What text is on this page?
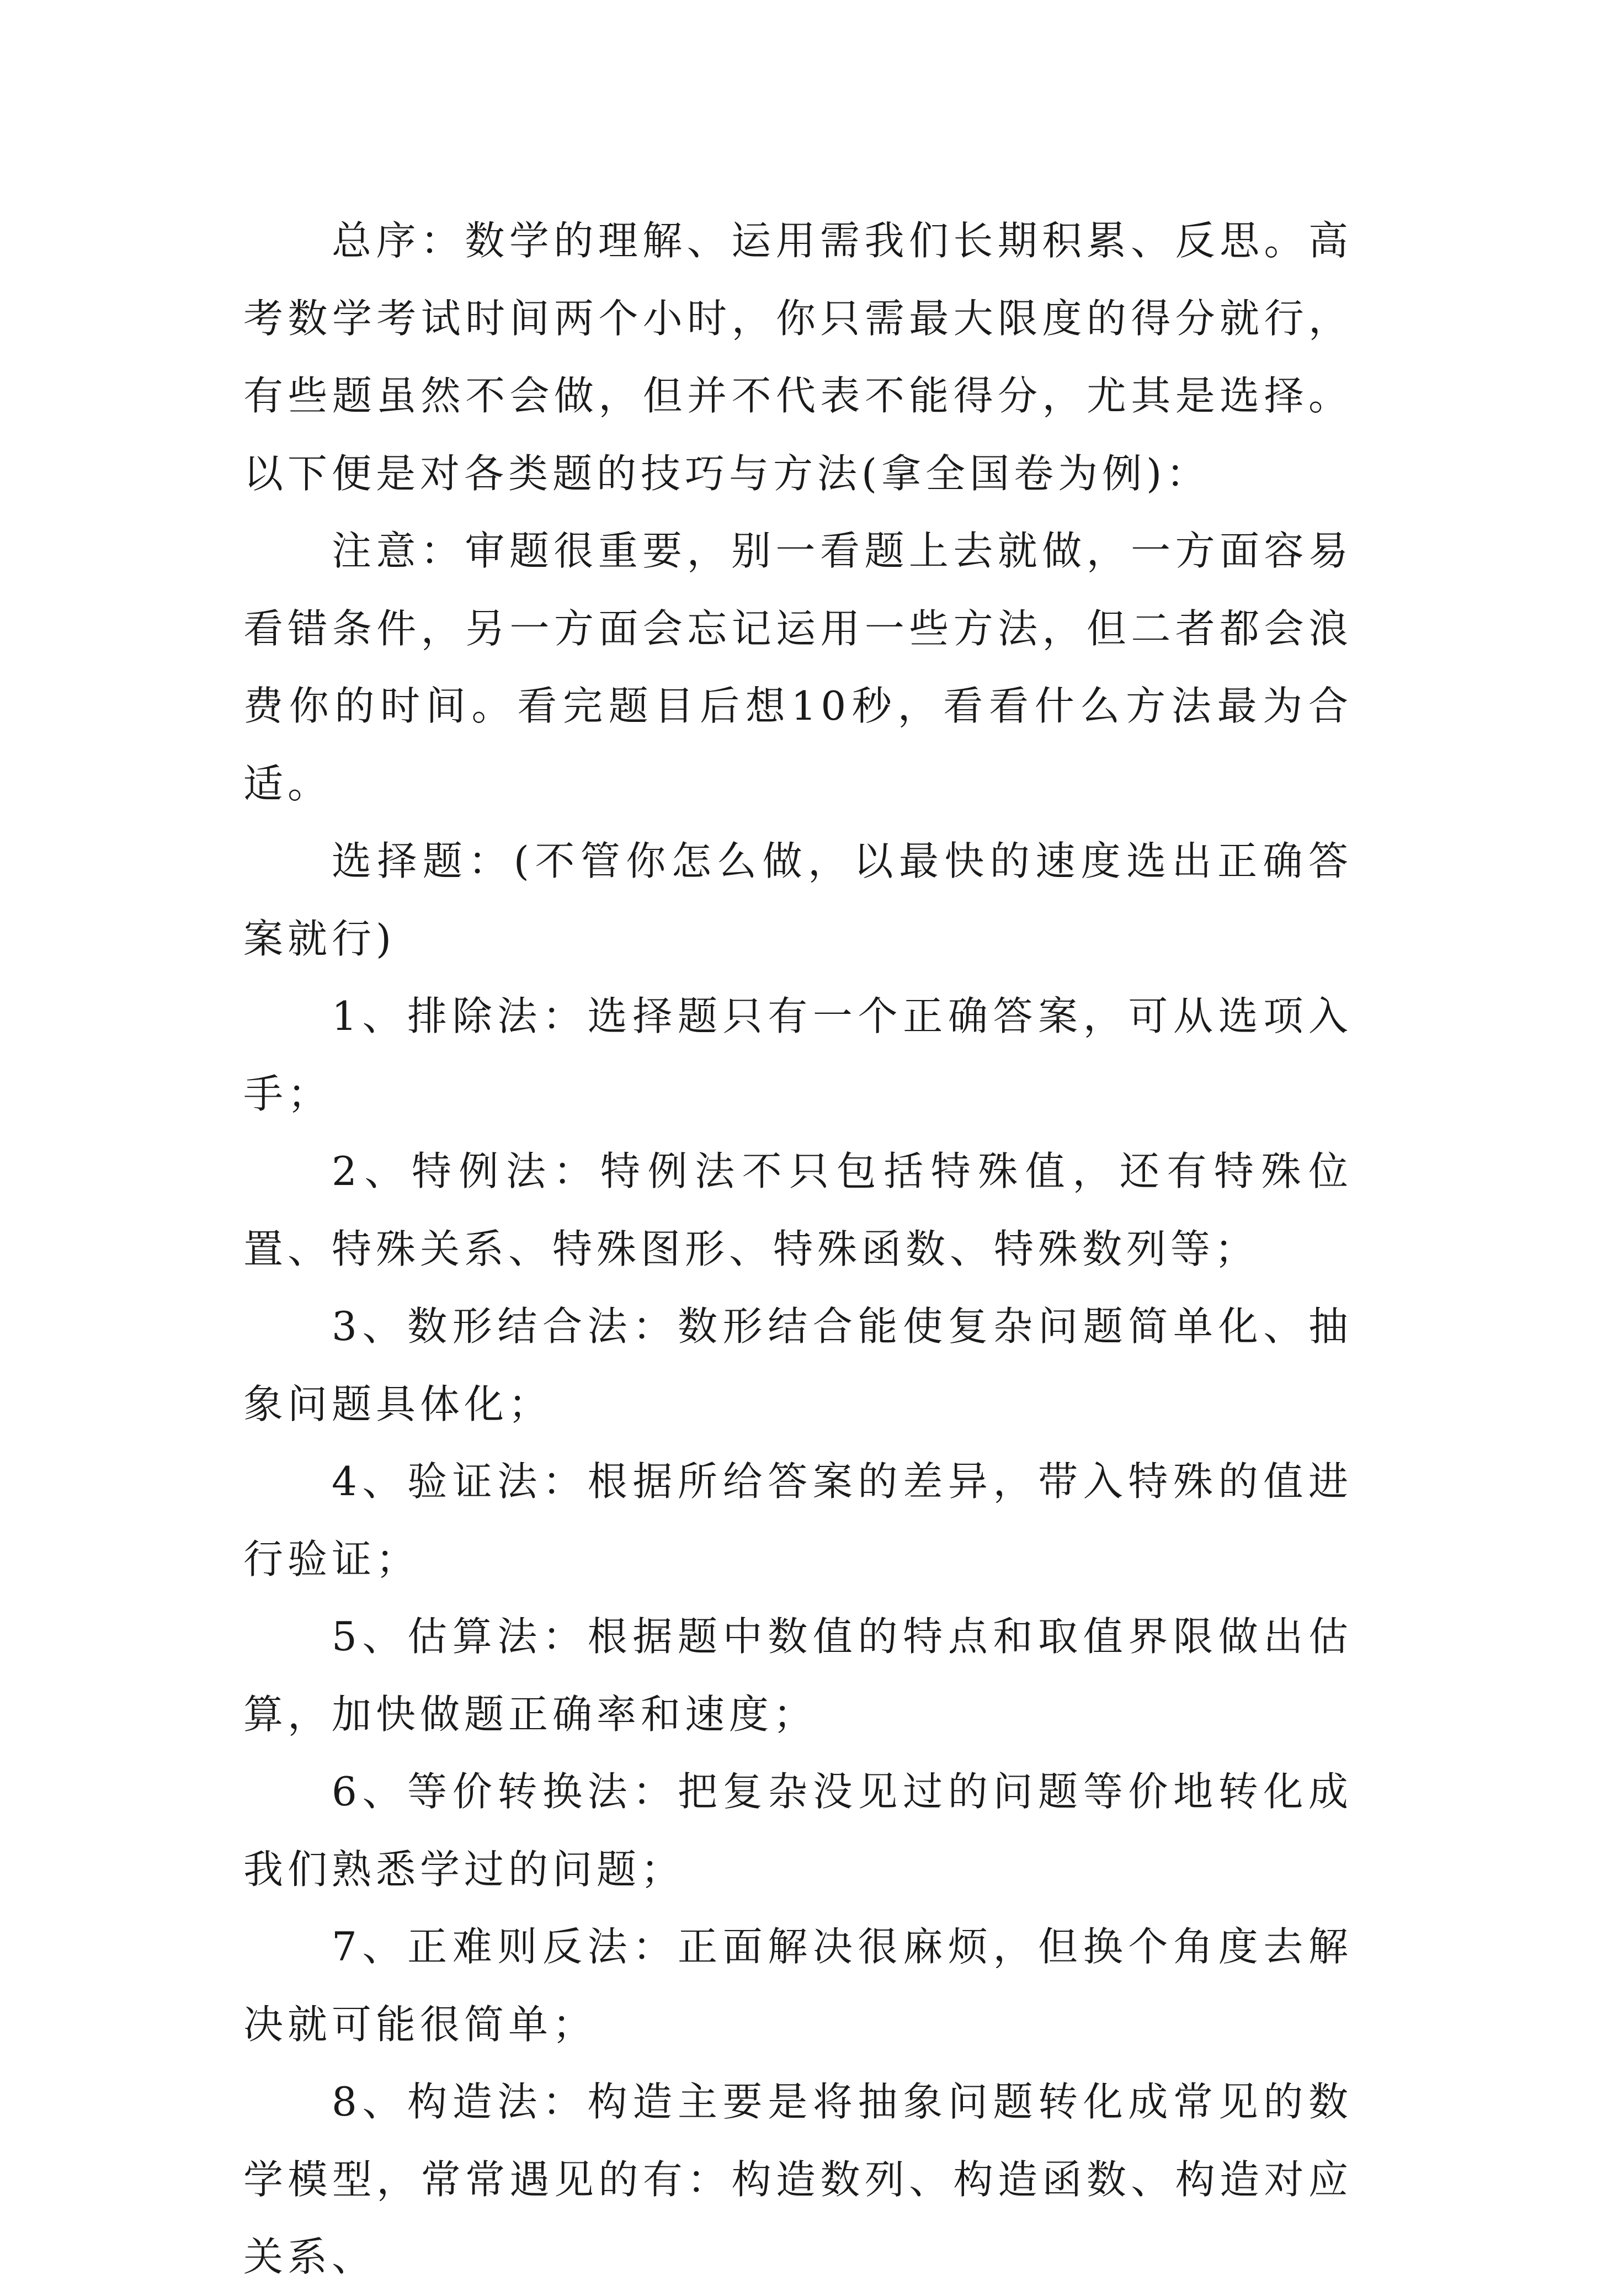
总序：数学的理解、运用需我们长期积累、反思。高考数学考试时间两个小时，你只需最大限度的得分就行，有些题虽然不会做，但并不代表不能得分，尤其是选择。以下便是对各类题的技巧与方法(拿全国卷为例)：

注意：审题很重要，别一看题上去就做，一方面容易看错条件，另一方面会忘记运用一些方法，但二者都会浪费你的时间。看完题目后想10秒，看看什么方法最为合适。

选择题：(不管你怎么做，以最快的速度选出正确答案就行)

1、排除法：选择题只有一个正确答案，可从选项入手；

2、特例法：特例法不只包括特殊值，还有特殊位置、特殊关系、特殊图形、特殊函数、特殊数列等；

3、数形结合法：数形结合能使复杂问题简单化、抽象问题具体化；

4、验证法：根据所给答案的差异，带入特殊的值进行验证；

5、估算法：根据题中数值的特点和取值界限做出估算，加快做题正确率和速度；

6、等价转换法：把复杂没见过的问题等价地转化成我们熟悉学过的问题；

7、正难则反法：正面解决很麻烦，但换个角度去解决就可能很简单；

8、构造法：构造主要是将抽象问题转化成常见的数学模型，常常遇见的有：构造数列、构造函数、构造对应关系、
